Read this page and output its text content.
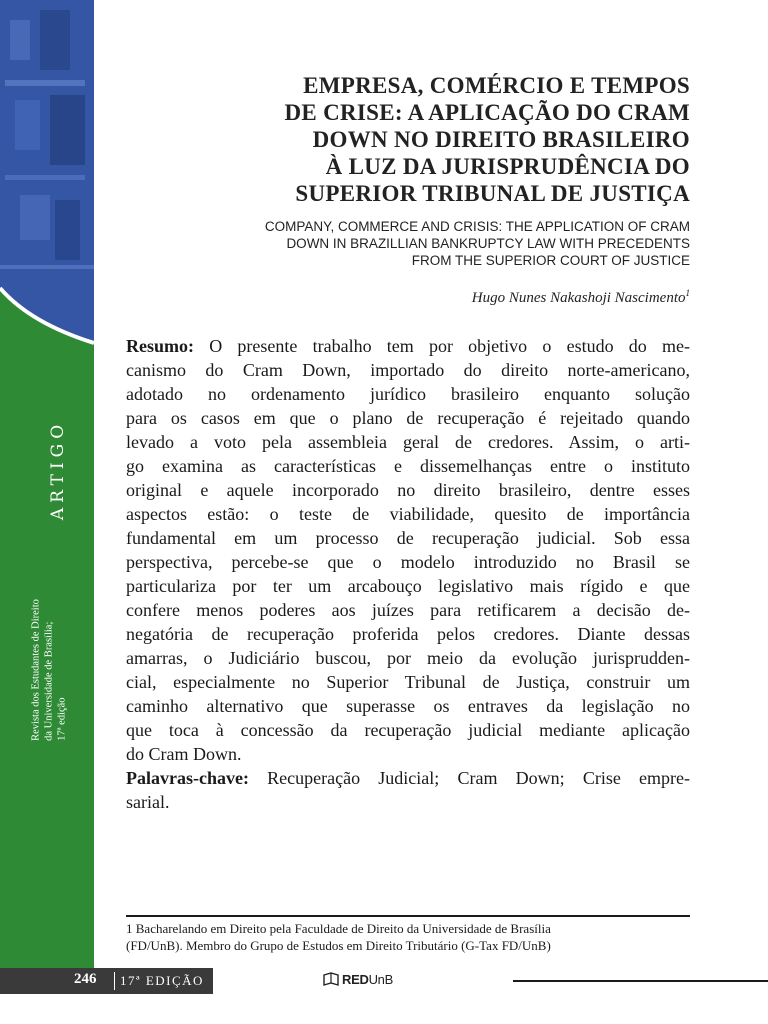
ARTIGO
Revista dos Estudantes de Direito da Universidade de Brasília; 17ª edição
EMPRESA, COMÉRCIO E TEMPOS
DE CRISE: A APLICAÇÃO DO CRAM
DOWN NO DIREITO BRASILEIRO
À LUZ DA JURISPRUDÊNCIA DO
SUPERIOR TRIBUNAL DE JUSTIÇA
COMPANY, COMMERCE AND CRISIS: THE APPLICATION OF CRAM
DOWN IN BRAZILLIAN BANKRUPTCY LAW WITH PRECEDENTS
FROM THE SUPERIOR COURT OF JUSTICE
Hugo Nunes Nakashoji Nascimento$^1$
Resumo: O presente trabalho tem por objetivo o estudo do me-
canismo do Cram Down, importado do direito norte-americano,
adotado no ordenamento jurídico brasileiro enquanto solução
para os casos em que o plano de recuperação é rejeitado quando
levado a voto pela assembleia geral de credores. Assim, o arti-
go examina as características e dissemelhanças entre o instituto
original e aquele incorporado no direito brasileiro, dentre esses
aspectos estão: o teste de viabilidade, quesito de importância
fundamental em um processo de recuperação judicial. Sob essa
perspectiva, percebe-se que o modelo introduzido no Brasil se
particulariza por ter um arcabouço legislativo mais rígido e que
confere menos poderes aos juízes para retificarem a decisão de-
negatória de recuperação proferida pelos credores. Diante dessas
amarras, o Judiciário buscou, por meio da evolução jurisprudden-
cial, especialmente no Superior Tribunal de Justiça, construir um
caminho alternativo que superasse os entraves da legislação no
que toca à concessão da recuperação judicial mediante aplicação
do Cram Down.
Palavras-chave: Recuperação Judicial; Cram Down; Crise empre-
sarial.
1 Bacharelando em Direito pela Faculdade de Direito da Universidade de Brasília
(FD/UnB). Membro do Grupo de Estudos em Direito Tributário (G-Tax FD/UnB)
246 17ª EDIÇÃO	REDUnB
